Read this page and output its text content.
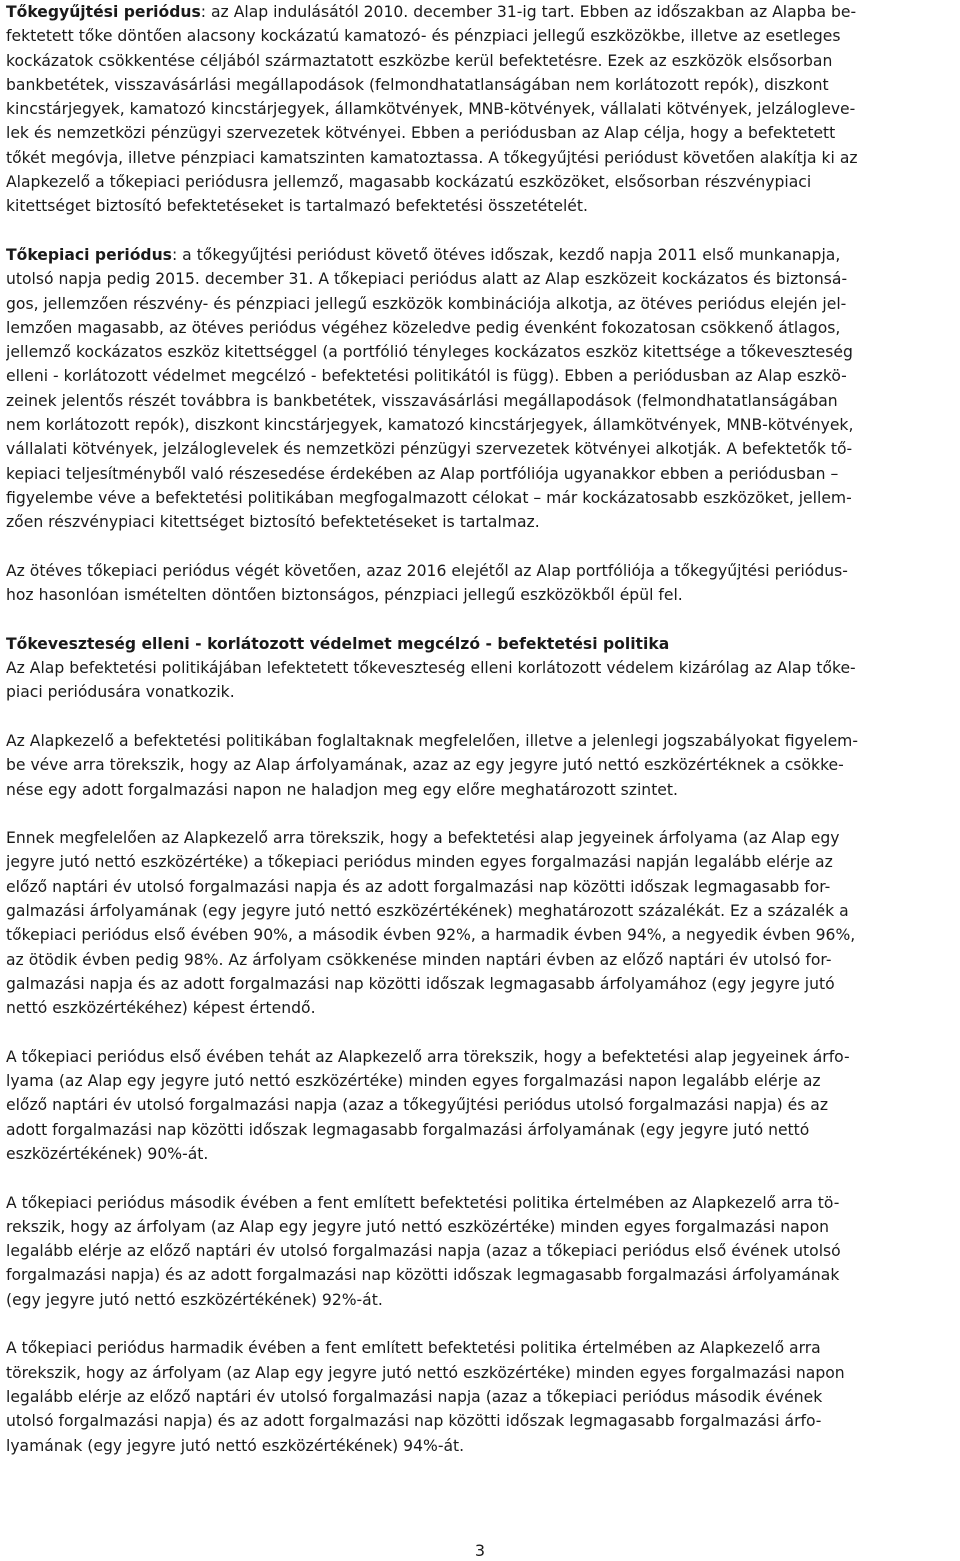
Tőkegyűjtési periódus: az Alap indulásától 2010. december 31-ig tart. Ebben az időszakban az Alapba be-
fektetett tőke döntően alacsony kockázatú kamatozó- és pénzpiaci jellegű eszközökbe, illetve az esetleges
kockázatok csökkentése céljából származtatott eszközbe kerül befektetésre. Ezek az eszközök elsősorban
bankbetétek, visszavásárlási megállapodások (felmondhatatlanságában nem korlátozott repók), diszkont
kincstárjegyek, kamatozó kincstárjegyek, államkötvények, MNB-kötvények, vállalati kötvények, jelzálogleve-
lek és nemzetközi pénzügyi szervezetek kötvényei. Ebben a periódusban az Alap célja, hogy a befektetett
tőkét megóvja, illetve pénzpiaci kamatszinten kamatoztassa. A tőkegyűjtési periódust követően alakítja ki az
Alapkezelő a tőkepiaci periódusra jellemző, magasabb kockázatú eszközöket, elsősorban részvénypiaci
kitettséget biztosító befektetéseket is tartalmazó befektetési összetételét.
Tőkepiaci periódus: a tőkegyűjtési periódust követő ötéves időszak, kezdő napja 2011 első munkanapja,
utolsó napja pedig 2015. december 31. A tőkepiaci periódus alatt az Alap eszközeit kockázatos és biztonsá-
gos, jellemzően részvény- és pénzpiaci jellegű eszközök kombinációja alkotja, az ötéves periódus elején jel-
lemzően magasabb, az ötéves periódus végéhez közeledve pedig évenként fokozatosan csökkenő átlagos,
jellemző kockázatos eszköz kitettséggel (a portfólió tényleges kockázatos eszköz kitettsége a tőkeveszteség
elleni - korlátozott védelmet megcélzó - befektetési politikától is függ). Ebben a periódusban az Alap eszkö-
zeinek jelentős részét továbbra is bankbetétek, visszavásárlási megállapodások (felmondhatatlanságában
nem korlátozott repók), diszkont kincstárjegyek, kamatozó kincstárjegyek, államkötvények, MNB-kötvények,
vállalati kötvények, jelzáloglevelek és nemzetközi pénzügyi szervezetek kötvényei alkotják. A befektetők tő-
kepiaci teljesítményből való részesedése érdekében az Alap portfóliója ugyanakkor ebben a periódusban –
figyelembe véve a befektetési politikában megfogalmazott célokat – már kockázatosabb eszközöket, jellem-
zően részvénypiaci kitettséget biztosító befektetéseket is tartalmaz.
Az ötéves tőkepiaci periódus végét követően, azaz 2016 elejétől az Alap portfóliója a tőkegyűjtési periódus-
hoz hasonlóan ismételten döntően biztonságos, pénzpiaci jellegű eszközökből épül fel.
Tőkeveszteség elleni - korlátozott védelmet megcélzó - befektetési politika
Az Alap befektetési politikájában lefektetett tőkeveszteség elleni korlátozott védelem kizárólag az Alap tőke-
piaci periódusára vonatkozik.
Az Alapkezelő a befektetési politikában foglaltaknak megfelelően, illetve a jelenlegi jogszabályokat figyelem-
be véve arra törekszik, hogy az Alap árfolyamának, azaz az egy jegyre jutó nettó eszközértéknek a csökke-
nése egy adott forgalmazási napon ne haladjon meg egy előre meghatározott szintet.
Ennek megfelelően az Alapkezelő arra törekszik, hogy a befektetési alap jegyeinek árfolyama (az Alap egy
jegyre jutó nettó eszközértéke) a tőkepiaci periódus minden egyes forgalmazási napján legalább elérje az
előző naptári év utolsó forgalmazási napja és az adott forgalmazási nap közötti időszak legmagasabb for-
galmazási árfolyamának (egy jegyre jutó nettó eszközértékének) meghatározott százalékát. Ez a százalék a
tőkepiaci periódus első évében 90%, a második évben 92%, a harmadik évben 94%, a negyedik évben 96%,
az ötödik évben pedig 98%. Az árfolyam csökkenése minden naptári évben az előző naptári év utolsó for-
galmazási napja és az adott forgalmazási nap közötti időszak legmagasabb árfolyamához (egy jegyre jutó
nettó eszközértékéhez) képest értendő.
A tőkepiaci periódus első évében tehát az Alapkezelő arra törekszik, hogy a befektetési alap jegyeinek árfo-
lyama (az Alap egy jegyre jutó nettó eszközértéke) minden egyes forgalmazási napon legalább elérje az
előző naptári év utolsó forgalmazási napja (azaz a tőkegyűjtési periódus utolsó forgalmazási napja) és az
adott forgalmazási nap közötti időszak legmagasabb forgalmazási árfolyamának (egy jegyre jutó nettó
eszközértékének) 90%-át.
A tőkepiaci periódus második évében a fent említett befektetési politika értelmében az Alapkezelő arra tö-
rekszik, hogy az árfolyam (az Alap egy jegyre jutó nettó eszközértéke) minden egyes forgalmazási napon
legalább elérje az előző naptári év utolsó forgalmazási napja (azaz a tőkepiaci periódus első évének utolsó
forgalmazási napja) és az adott forgalmazási nap közötti időszak legmagasabb forgalmazási árfolyamának
(egy jegyre jutó nettó eszközértékének) 92%-át.
A tőkepiaci periódus harmadik évében a fent említett befektetési politika értelmében az Alapkezelő arra
törekszik, hogy az árfolyam (az Alap egy jegyre jutó nettó eszközértéke) minden egyes forgalmazási napon
legalább elérje az előző naptári év utolsó forgalmazási napja (azaz a tőkepiaci periódus második évének
utolsó forgalmazási napja) és az adott forgalmazási nap közötti időszak legmagasabb forgalmazási árfo-
lyamának (egy jegyre jutó nettó eszközértékének) 94%-át.
3
